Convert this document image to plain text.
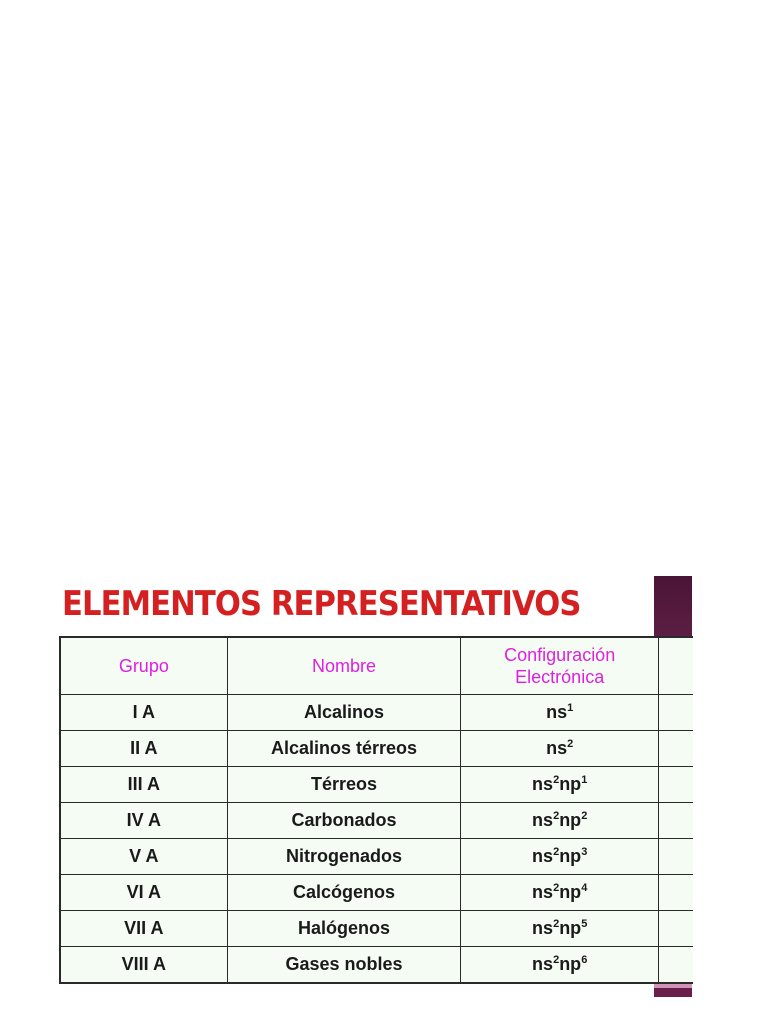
ELEMENTOS REPRESENTATIVOS
Grupo	Nombre	Configuración
Electrónica	
I A	Alcalinos	$ns^1$	
II A	Alcalinos térreos	$ns^2$	
III A	Térreos	$ns^2np^1$	
IV A	Carbonados	$ns^2np^2$	
V A	Nitrogenados	$ns^2np^3$	
VI A	Calcógenos	$ns^2np^4$	
VII A	Halógenos	$ns^2np^5$	
VIII A	Gases nobles	$ns^2np^6$	
